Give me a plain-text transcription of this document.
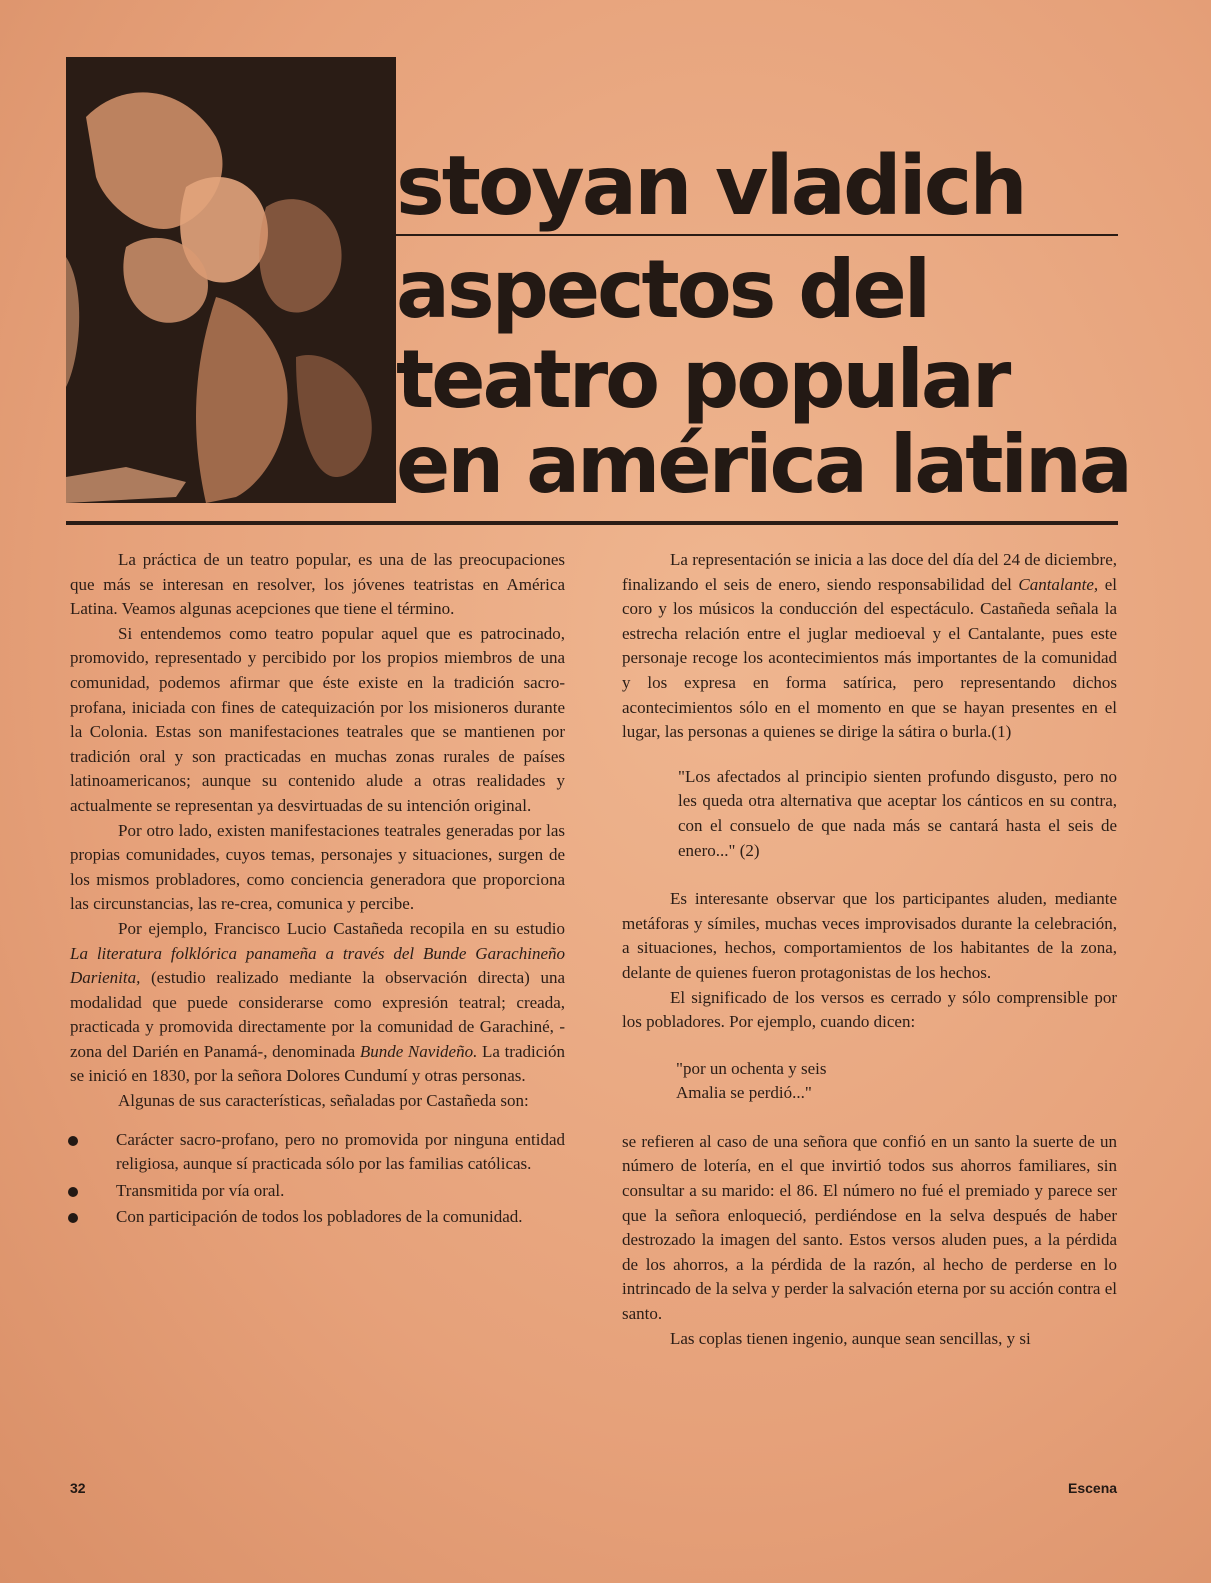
stoyan vladich
aspectos del
teatro popular
en américa latina

La práctica de un teatro popular, es una de las preocupaciones que más se interesan en resolver, los jóvenes teatristas en América Latina. Veamos algunas acepciones que tiene el término.

Si entendemos como teatro popular aquel que es patrocinado, promovido, representado y percibido por los propios miembros de una comunidad, podemos afirmar que éste existe en la tradición sacro-profana, iniciada con fines de catequización por los misioneros durante la Colonia. Estas son manifestaciones teatrales que se mantienen por tradición oral y son practicadas en muchas zonas rurales de países latinoamericanos; aunque su contenido alude a otras realidades y actualmente se representan ya desvirtuadas de su intención original.

Por otro lado, existen manifestaciones teatrales generadas por las propias comunidades, cuyos temas, personajes y situaciones, surgen de los mismos probladores, como conciencia generadora que proporciona las circunstancias, las re-crea, comunica y percibe.

Por ejemplo, Francisco Lucio Castañeda recopila en su estudio La literatura folklórica panameña a través del Bunde Garachineño Darienita, (estudio realizado mediante la observación directa) una modalidad que puede considerarse como expresión teatral; creada, practicada y promovida directamente por la comunidad de Garachiné, -zona del Darién en Panamá-, denominada Bunde Navideño. La tradición se inició en 1830, por la señora Dolores Cundumí y otras personas.

Algunas de sus características, señaladas por Castañeda son:

Carácter sacro-profano, pero no promovida por ninguna entidad religiosa, aunque sí practicada sólo por las familias católicas.
Transmitida por vía oral.
Con participación de todos los pobladores de la comunidad.

La representación se inicia a las doce del día del 24 de diciembre, finalizando el seis de enero, siendo responsabilidad del Cantalante, el coro y los músicos la conducción del espectáculo. Castañeda señala la estrecha relación entre el juglar medioeval y el Cantalante, pues este personaje recoge los acontecimientos más importantes de la comunidad y los expresa en forma satírica, pero representando dichos acontecimientos sólo en el momento en que se hayan presentes en el lugar, las personas a quienes se dirige la sátira o burla.(1)

"Los afectados al principio sienten profundo disgusto, pero no les queda otra alternativa que aceptar los cánticos en su contra, con el consuelo de que nada más se cantará hasta el seis de enero..." (2)

Es interesante observar que los participantes aluden, mediante metáforas y símiles, muchas veces improvisados durante la celebración, a situaciones, hechos, comportamientos de los habitantes de la zona, delante de quienes fueron protagonistas de los hechos.

El significado de los versos es cerrado y sólo comprensible por los pobladores. Por ejemplo, cuando dicen:

"por un ochenta y seis
Amalia se perdió..."

se refieren al caso de una señora que confió en un santo la suerte de un número de lotería, en el que invirtió todos sus ahorros familiares, sin consultar a su marido: el 86. El número no fué el premiado y parece ser que la señora enloqueció, perdiéndose en la selva después de haber destrozado la imagen del santo. Estos versos aluden pues, a la pérdida de los ahorros, a la pérdida de la razón, al hecho de perderse en lo intrincado de la selva y perder la salvación eterna por su acción contra el santo.

Las coplas tienen ingenio, aunque sean sencillas, y si

32	Escena
